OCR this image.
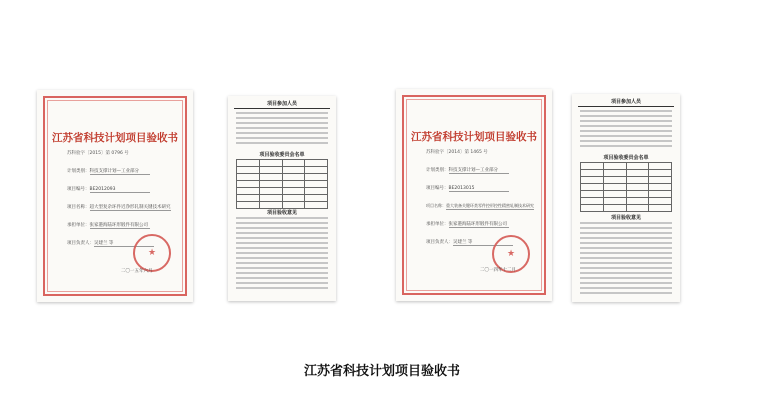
江苏省科技计划项目验收书
苏科验字〔2015〕第 0796 号
计划类别：科技支撑计划—工业部分
项目编号：BE2012093
项目名称：超大型复杂环件近净形轧制关键技术研究
承担单位：张家港海陆环形锻件有限公司
项目负责人：吴建兰 等
★
二〇一五年六月
项目参加人员
项目验收委员会名单

项目验收意见
江苏省科技计划项目验收书
苏科验字〔2014〕第 1465 号
计划类别：科技支撑计划—工业部分
项目编号：BE2013015
项目名称：重大装备关键环类零件控形控性精密轧制技术研究
承担单位：张家港海陆环形锻件有限公司
项目负责人：吴建兰 等
★
二〇一四年十二月
项目参加人员
项目验收委员会名单

项目验收意见
江苏省科技计划项目验收书
